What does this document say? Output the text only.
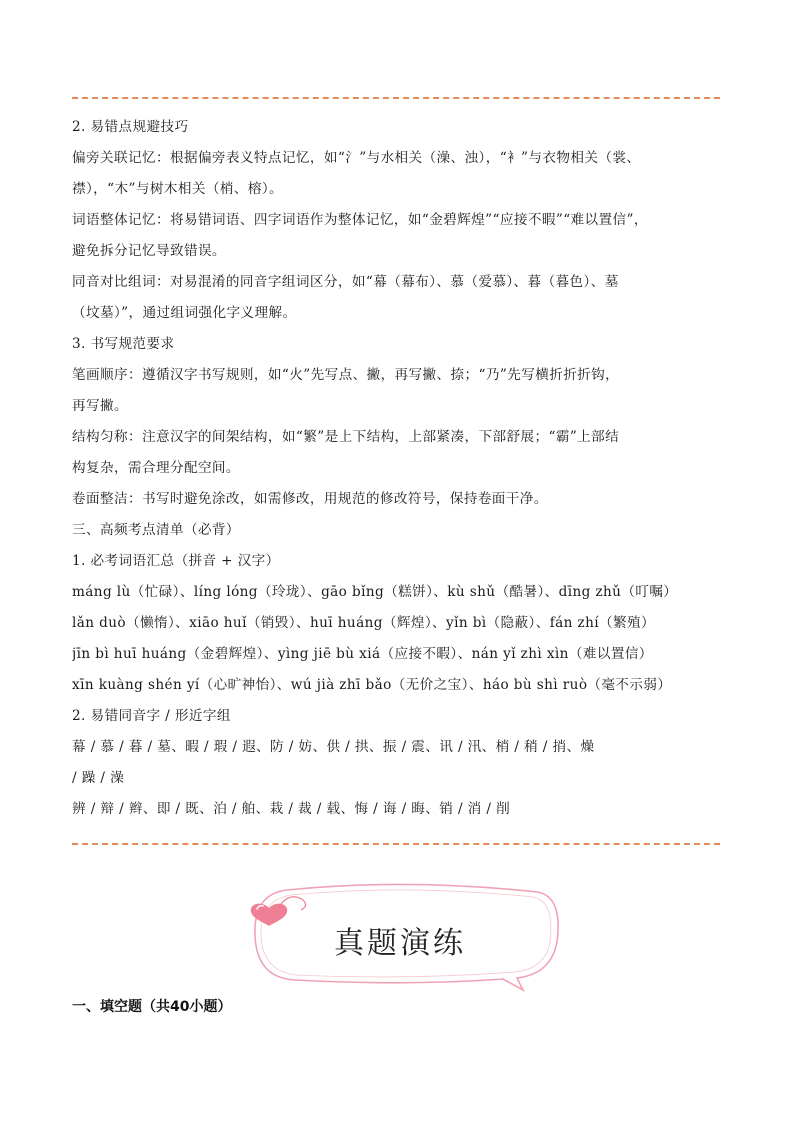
2. 易错点规避技巧

偏旁关联记忆：根据偏旁表义特点记忆，如“氵”与水相关（澡、浊），“衤”与衣物相关（裳、

襟），“木”与树木相关（梢、榕）。

词语整体记忆：将易错词语、四字词语作为整体记忆，如“金碧辉煌”“应接不暇”“难以置信”，

避免拆分记忆导致错误。

同音对比组词：对易混淆的同音字组词区分，如“幕（幕布）、慕（爱慕）、暮（暮色）、墓

（坟墓）”，通过组词强化字义理解。

3. 书写规范要求

笔画顺序：遵循汉字书写规则，如“火”先写点、撇，再写撇、捺；“乃”先写横折折折钩，

再写撇。

结构匀称：注意汉字的间架结构，如“繁”是上下结构，上部紧凑，下部舒展；“霸”上部结

构复杂，需合理分配空间。

卷面整洁：书写时避免涂改，如需修改，用规范的修改符号，保持卷面干净。

三、高频考点清单（必背）

1. 必考词语汇总（拼音 + 汉字）

máng lù（忙碌）、líng lóng（玲珑）、gāo bǐng（糕饼）、kù shǔ（酷暑）、dīng zhǔ（叮嘱）

lǎn duò（懒惰）、xiāo huǐ（销毁）、huī huáng（辉煌）、yǐn bì（隐蔽）、fán zhí（繁殖）

jīn bì huī huáng（金碧辉煌）、yìng jiē bù xiá（应接不暇）、nán yǐ zhì xìn（难以置信）

xīn kuàng shén yí（心旷神怡）、wú jià zhī bǎo（无价之宝）、háo bù shì ruò（毫不示弱）

2. 易错同音字 / 形近字组

幕 / 慕 / 暮 / 墓、暇 / 瑕 / 遐、防 / 妨、供 / 拱、振 / 震、讯 / 汛、梢 / 稍 / 捎、燥

/ 躁 / 澡

辨 / 辩 / 辫、即 / 既、泊 / 舶、栽 / 裁 / 载、悔 / 诲 / 晦、销 / 消 / 削

真题演练
一、填空题（共40小题）
